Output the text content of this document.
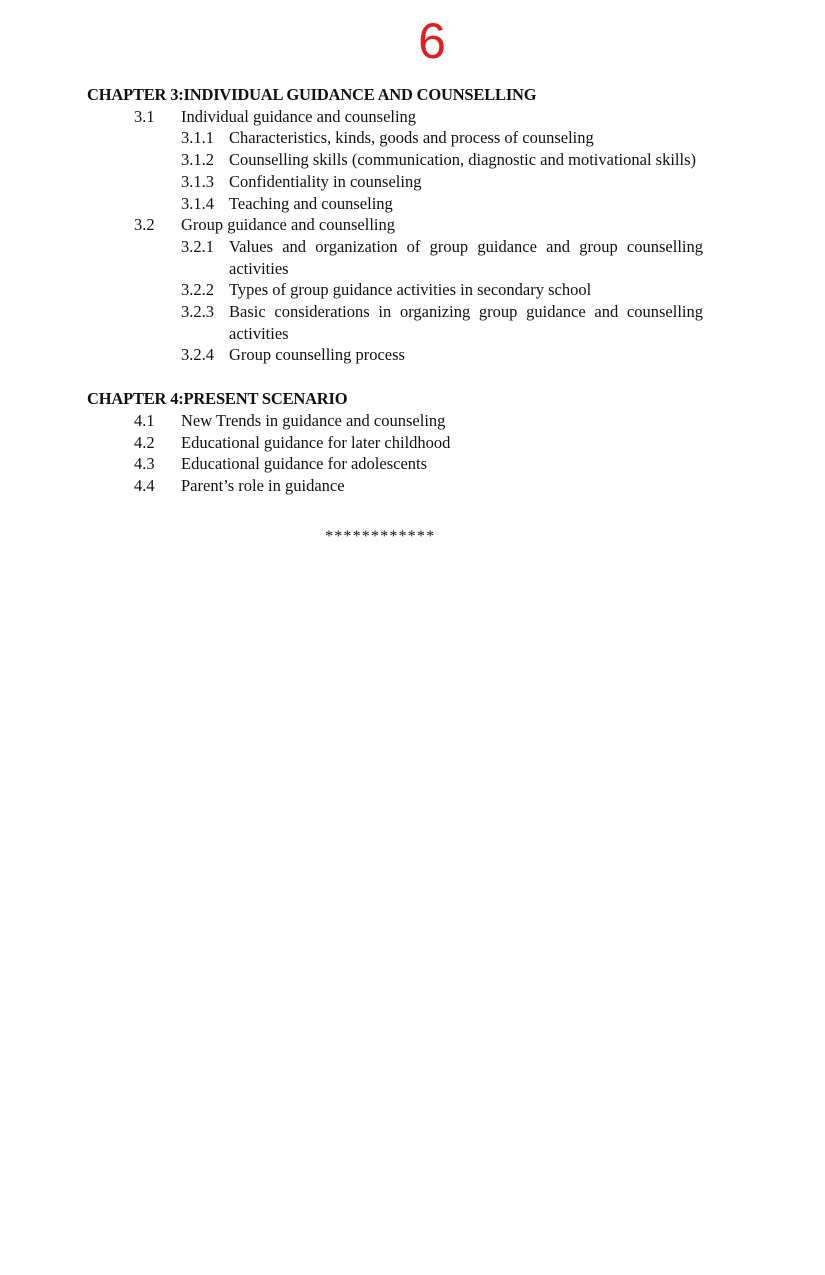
6
CHAPTER 3:INDIVIDUAL GUIDANCE AND COUNSELLING
3.1	Individual guidance and counseling
3.1.1 Characteristics, kinds, goods and process of counseling
3.1.2 Counselling skills (communication, diagnostic and motivational skills)
3.1.3 Confidentiality in counseling
3.1.4 Teaching and counseling
3.2	Group guidance and counselling
3.2.1 Values and organization of group guidance and group counselling activities
3.2.2 Types of group guidance activities in secondary school
3.2.3 Basic considerations in organizing group guidance and counselling activities
3.2.4 Group counselling process
CHAPTER 4:PRESENT SCENARIO
4.1	New Trends in guidance and counseling
4.2	Educational guidance for later childhood
4.3	Educational guidance for adolescents
4.4	Parent’s role in guidance
************
